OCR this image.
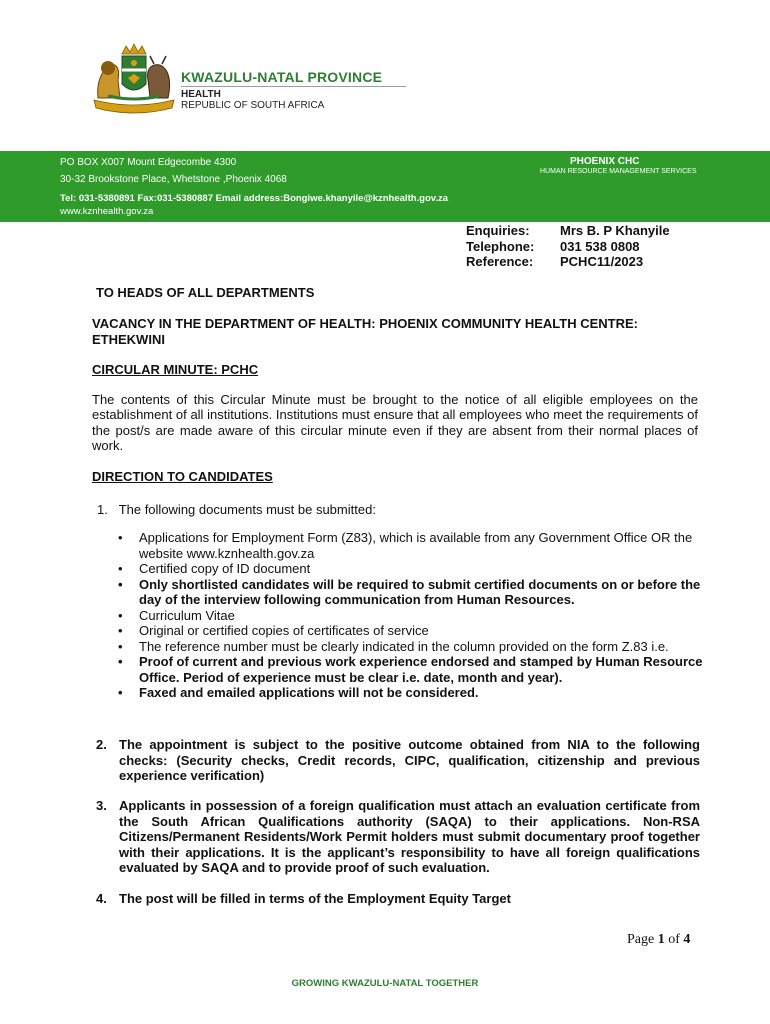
KWAZULU-NATAL PROVINCE
HEALTH
REPUBLIC OF SOUTH AFRICA
PO BOX X007 Mount Edgecombe 4300
30-32 Brookstone Place, Whetstone ,Phoenix 4068
Tel: 031-5380891 Fax:031-5380887 Email address:Bongiwe.khanyile@kznhealth.gov.za
www.kznhealth.gov.za
PHOENIX CHC
HUMAN RESOURCE MANAGEMENT SERVICES
Enquiries:
Telephone:
Reference:
Mrs B. P Khanyile
031 538 0808
PCHC11/2023
TO HEADS OF ALL DEPARTMENTS
VACANCY IN THE DEPARTMENT OF HEALTH: PHOENIX COMMUNITY HEALTH CENTRE: ETHEKWINI
CIRCULAR MINUTE: PCHC
The contents of this Circular Minute must be brought to the notice of all eligible employees on the establishment of all institutions. Institutions must ensure that all employees who meet the requirements of the post/s are made aware of this circular minute even if they are absent from their normal places of work.
DIRECTION TO CANDIDATES
1. The following documents must be submitted:
• Applications for Employment Form (Z83), which is available from any Government Office OR the website www.kznhealth.gov.za
• Certified copy of ID document
• Only shortlisted candidates will be required to submit certified documents on or before the day of the interview following communication from Human Resources.
• Curriculum Vitae
• Original or certified copies of certificates of service
• The reference number must be clearly indicated in the column provided on the form Z.83 i.e.
• Proof of current and previous work experience endorsed and stamped by Human Resource Office. Period of experience must be clear i.e. date, month and year).
• Faxed and emailed applications will not be considered.
2. The appointment is subject to the positive outcome obtained from NIA to the following checks: (Security checks, Credit records, CIPC, qualification, citizenship and previous experience verification)
3. Applicants in possession of a foreign qualification must attach an evaluation certificate from the South African Qualifications authority (SAQA) to their applications. Non-RSA Citizens/Permanent Residents/Work Permit holders must submit documentary proof together with their applications. It is the applicant’s responsibility to have all foreign qualifications evaluated by SAQA and to provide proof of such evaluation.
4. The post will be filled in terms of the Employment Equity Target
Page 1 of 4
GROWING KWAZULU-NATAL TOGETHER
